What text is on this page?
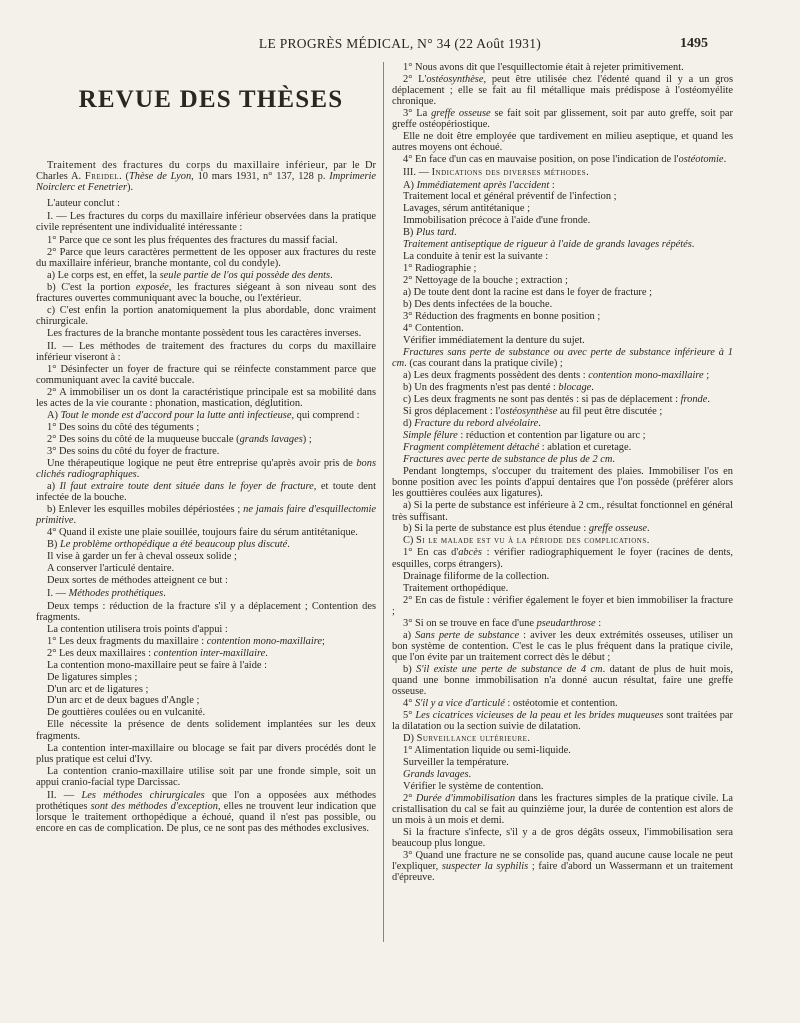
LE PROGRÈS MÉDICAL, N° 34 (22 Août 1931)	1495
REVUE DES THÈSES

Traitement des fractures du corps du maxillaire inférieur, par le Dr Charles A. Freidel. (Thèse de Lyon, 10 mars 1931, n° 137, 128 p. Imprimerie Noirclerc et Fenetrier).

L'auteur conclut :

I. — Les fractures du corps du maxillaire inférieur observées dans la pratique civile représentent une individualité intéressante :

1° Parce que ce sont les plus fréquentes des fractures du massif facial.

2° Parce que leurs caractères permettent de les opposer aux fractures du reste du maxillaire inférieur, branche montante, col du condyle).

a) Le corps est, en effet, la seule partie de l'os qui possède des dents.

b) C'est la portion exposée, les fractures siégeant à son niveau sont des fractures ouvertes communiquant avec la bouche, ou l'extérieur.

c) C'est enfin la portion anatomiquement la plus abordable, donc vraiment chirurgicale.

Les fractures de la branche montante possèdent tous les caractères inverses.

II. — Les méthodes de traitement des fractures du corps du maxillaire inférieur viseront à :

1° Désinfecter un foyer de fracture qui se réinfecte constamment parce que communiquant avec la cavité buccale.

2° A immobiliser un os dont la caractéristique principale est sa mobilité dans les actes de la vie courante : phonation, mastication, déglutition.

A) Tout le monde est d'accord pour la lutte anti infectieuse, qui comprend :

1° Des soins du côté des téguments ;

2° Des soins du côté de la muqueuse buccale (grands lavages) ;

3° Des soins du côté du foyer de fracture.

Une thérapeutique logique ne peut être entreprise qu'après avoir pris de bons clichés radiographiques.

a) Il faut extraire toute dent située dans le foyer de fracture, et toute dent infectée de la bouche.

b) Enlever les esquilles mobiles dépériostées ; ne jamais faire d'esquillectomie primitive.

4° Quand il existe une plaie souillée, toujours faire du sérum antitétanique.

B) Le problème orthopédique a été beaucoup plus discuté.

Il vise à garder un fer à cheval osseux solide ;

A conserver l'articulé dentaire.

Deux sortes de méthodes atteignent ce but :

I. — Méthodes prothétiques.

Deux temps : réduction de la fracture s'il y a déplacement ; Contention des fragments.

La contention utilisera trois points d'appui :

1° Les deux fragments du maxillaire : contention mono-maxillaire;

2° Les deux maxillaires : contention inter-maxillaire.

La contention mono-maxillaire peut se faire à l'aide :

De ligatures simples ;

D'un arc et de ligatures ;

D'un arc et de deux bagues d'Angle ;

De gouttières coulées ou en vulcanité.

Elle nécessite la présence de dents solidement implantées sur les deux fragments.

La contention inter-maxillaire ou blocage se fait par divers procédés dont le plus pratique est celui d'Ivy.

La contention cranio-maxillaire utilise soit par une fronde simple, soit un appui cranio-facial type Darcissac.

II. — Les méthodes chirurgicales que l'on a opposées aux méthodes prothétiques sont des méthodes d'exception, elles ne trouvent leur indication que lorsque le traitement orthopédique a échoué, quand il n'est pas possible, ou encore en cas de complication. De plus, ce ne sont pas des méthodes exclusives.

1° Nous avons dit que l'esquillectomie était à rejeter primitivement.

2° L'ostéosynthèse, peut être utilisée chez l'édenté quand il y a un gros déplacement ; elle se fait au fil métallique mais prédispose à l'ostéomyélite chronique.

3° La greffe osseuse se fait soit par glissement, soit par auto greffe, soit par greffe ostéopériostique.

Elle ne doit être employée que tardivement en milieu aseptique, et quand les autres moyens ont échoué.

4° En face d'un cas en mauvaise position, on pose l'indication de l'ostéotomie.

III. — Indications des diverses méthodes.

A) Immédiatement après l'accident :

Traitement local et général préventif de l'infection ;

Lavages, sérum antitétanique ;

Immobilisation précoce à l'aide d'une fronde.

B) Plus tard.

Traitement antiseptique de rigueur à l'aide de grands lavages répétés.

La conduite à tenir est la suivante :

1° Radiographie ;

2° Nettoyage de la bouche ; extraction ;

a) De toute dent dont la racine est dans le foyer de fracture ;

b) Des dents infectées de la bouche.

3° Réduction des fragments en bonne position ;

4° Contention.

Vérifier immédiatement la denture du sujet.

Fractures sans perte de substance ou avec perte de substance inférieure à 1 cm. (cas courant dans la pratique civile) ;

a) Les deux fragments possèdent des dents : contention mono-maxillaire ;

b) Un des fragments n'est pas denté : blocage.

c) Les deux fragments ne sont pas dentés : si pas de déplacement : fronde.

Si gros déplacement : l'ostéosynthèse au fil peut être discutée ;

d) Fracture du rebord alvéolaire.

Simple fêlure : réduction et contention par ligature ou arc ;

Fragment complètement détaché : ablation et curetage.

Fractures avec perte de substance de plus de 2 cm.

Pendant longtemps, s'occuper du traitement des plaies. Immobiliser l'os en bonne position avec les points d'appui dentaires que l'on possède (préférer alors les gouttières coulées aux ligatures).

a) Si la perte de substance est inférieure à 2 cm., résultat fonctionnel en général très suffisant.

b) Si la perte de substance est plus étendue : greffe osseuse.

C) Si le malade est vu à la période des complications.

1° En cas d'abcès : vérifier radiographiquement le foyer (racines de dents, esquilles, corps étrangers).

Drainage filiforme de la collection.

Traitement orthopédique.

2° En cas de fistule : vérifier également le foyer et bien immobiliser la fracture ;

3° Si on se trouve en face d'une pseudarthrose :

a) Sans perte de substance : aviver les deux extrémités osseuses, utiliser un bon système de contention. C'est le cas le plus fréquent dans la pratique civile, que l'on évite par un traitement correct dès le début ;

b) S'il existe une perte de substance de 4 cm. datant de plus de huit mois, quand une bonne immobilisation n'a donné aucun résultat, faire une greffe osseuse.

4° S'il y a vice d'articulé : ostéotomie et contention.

5° Les cicatrices vicieuses de la peau et les brides muqueuses sont traitées par la dilatation ou la section suivie de dilatation.

D) Surveillance ultérieure.

1° Alimentation liquide ou semi-liquide.

Surveiller la température.

Grands lavages.

Vérifier le système de contention.

2° Durée d'immobilisation dans les fractures simples de la pratique civile. La cristallisation du cal se fait au quinzième jour, la durée de contention est alors de un mois à un mois et demi.

Si la fracture s'infecte, s'il y a de gros dégâts osseux, l'immobilisation sera beaucoup plus longue.

3° Quand une fracture ne se consolide pas, quand aucune cause locale ne peut l'expliquer, suspecter la syphilis ; faire d'abord un Wassermann et un traitement d'épreuve.
